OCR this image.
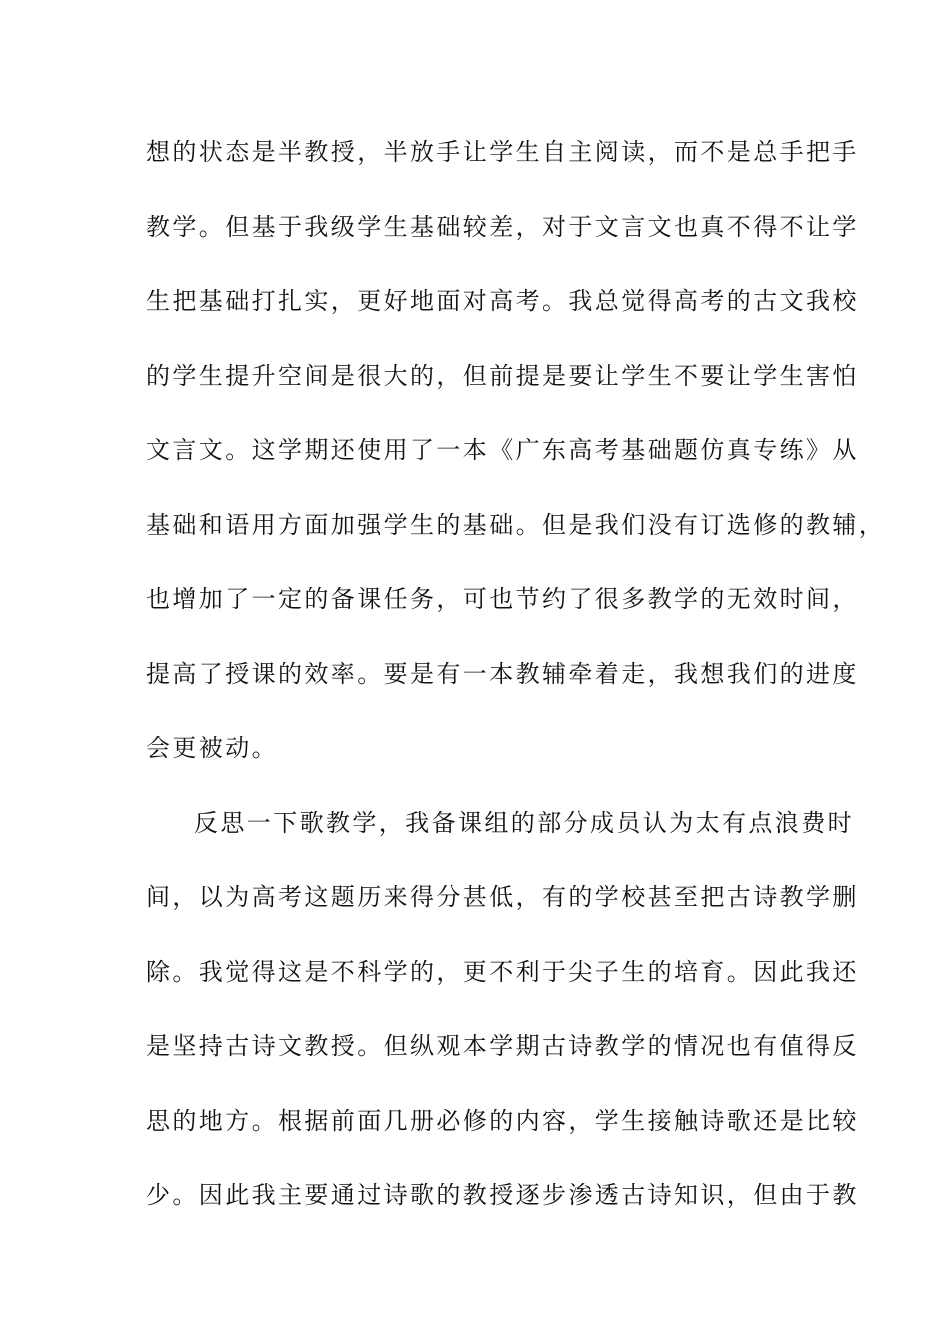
想的状态是半教授，半放手让学生自主阅读，而不是总手把手
教学。但基于我级学生基础较差，对于文言文也真不得不让学
生把基础打扎实，更好地面对高考。我总觉得高考的古文我校
的学生提升空间是很大的，但前提是要让学生不要让学生害怕
文言文。这学期还使用了一本《广东高考基础题仿真专练》从
基础和语用方面加强学生的基础。但是我们没有订选修的教辅，
也增加了一定的备课任务，可也节约了很多教学的无效时间，
提高了授课的效率。要是有一本教辅牵着走，我想我们的进度
会更被动。
反思一下歌教学，我备课组的部分成员认为太有点浪费时
间，以为高考这题历来得分甚低，有的学校甚至把古诗教学删
除。我觉得这是不科学的，更不利于尖子生的培育。因此我还
是坚持古诗文教授。但纵观本学期古诗教学的情况也有值得反
思的地方。根据前面几册必修的内容，学生接触诗歌还是比较
少。因此我主要通过诗歌的教授逐步渗透古诗知识，但由于教
